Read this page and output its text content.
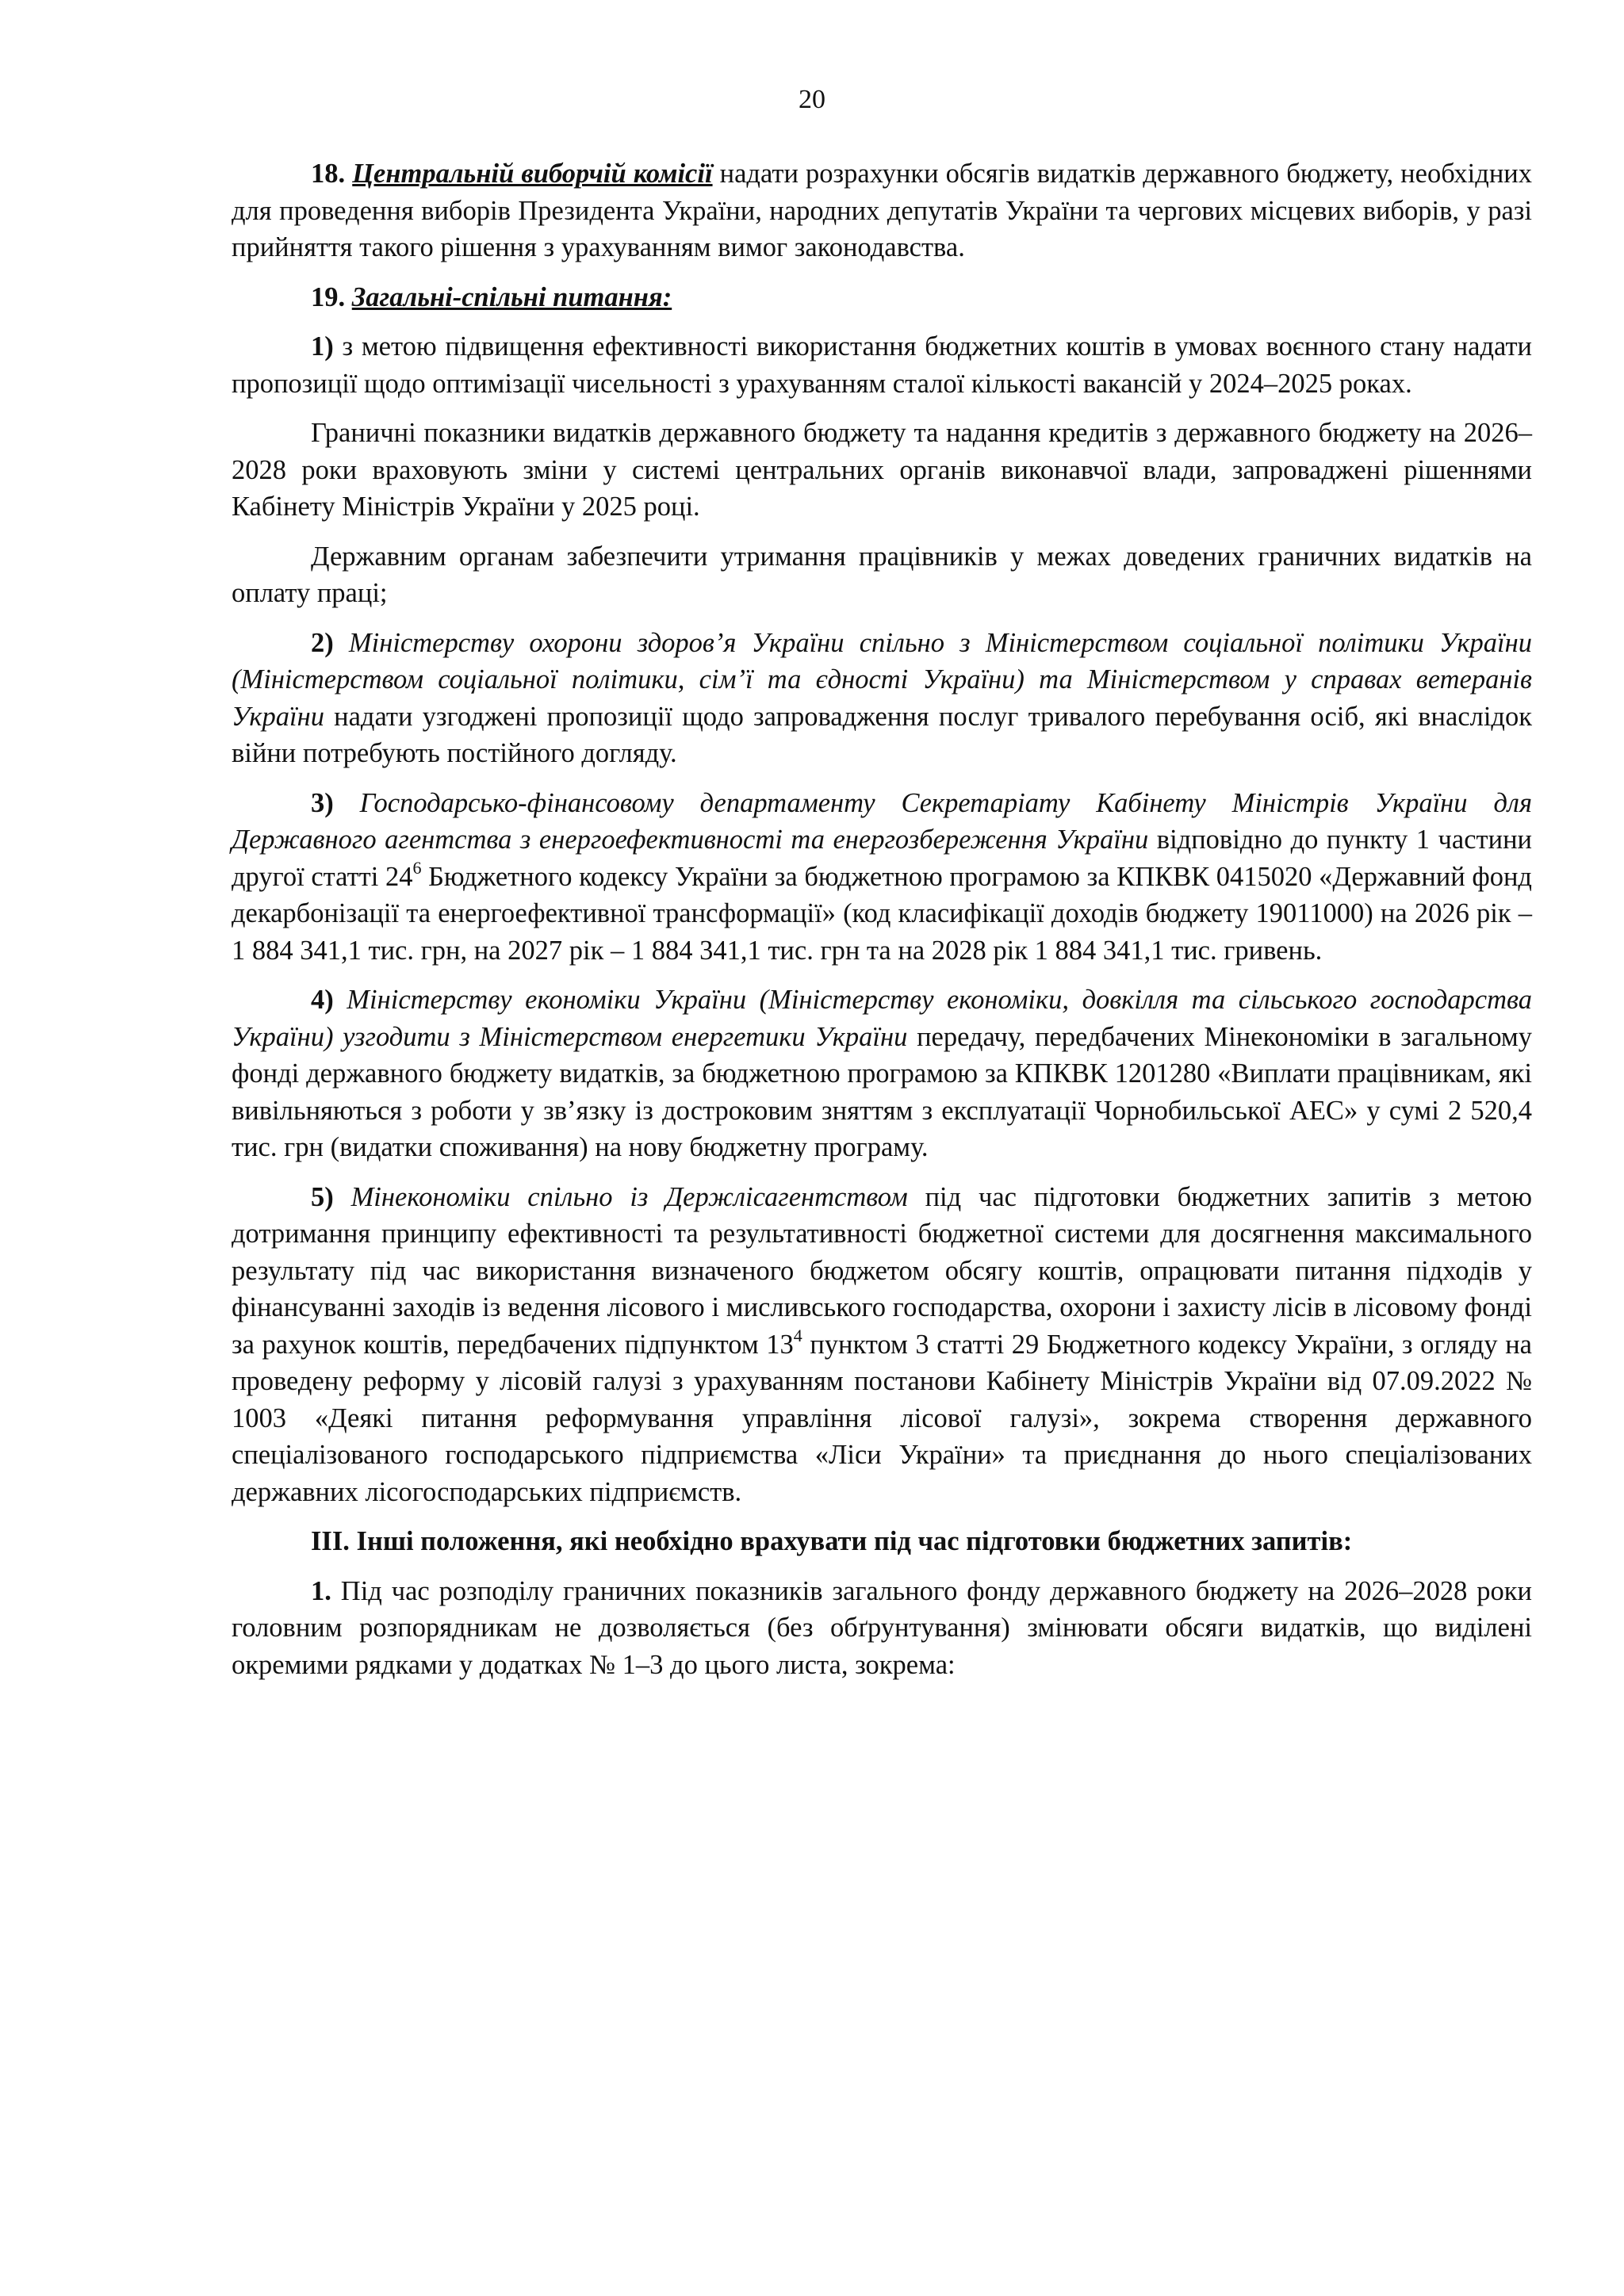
20

18. Центральній виборчій комісії надати розрахунки обсягів видатків державного бюджету, необхідних для проведення виборів Президента України, народних депутатів України та чергових місцевих виборів, у разі прийняття такого рішення з урахуванням вимог законодавства.

19. Загальні-спільні питання:

1) з метою підвищення ефективності використання бюджетних коштів в умовах воєнного стану надати пропозиції щодо оптимізації чисельності з урахуванням сталої кількості вакансій у 2024–2025 роках.

Граничні показники видатків державного бюджету та надання кредитів з державного бюджету на 2026–2028 роки враховують зміни у системі центральних органів виконавчої влади, запроваджені рішеннями Кабінету Міністрів України у 2025 році.

Державним органам забезпечити утримання працівників у межах доведених граничних видатків на оплату праці;

2) Міністерству охорони здоров’я України спільно з Міністерством соціальної політики України (Міністерством соціальної політики, сім’ї та єдності України) та Міністерством у справах ветеранів України надати узгоджені пропозиції щодо запровадження послуг тривалого перебування осіб, які внаслідок війни потребують постійного догляду.

3) Господарсько-фінансовому департаменту Секретаріату Кабінету Міністрів України для Державного агентства з енергоефективності та енергозбереження України відповідно до пункту 1 частини другої статті $24^6$ Бюджетного кодексу України за бюджетною програмою за КПКВК 0415020 «Державний фонд декарбонізації та енергоефективної трансформації» (код класифікації доходів бюджету 19011000) на 2026 рік – 1 884 341,1 тис. грн, на 2027 рік – 1 884 341,1 тис. грн та на 2028 рік 1 884 341,1 тис. гривень.

4) Міністерству економіки України (Міністерству економіки, довкілля та сільського господарства України) узгодити з Міністерством енергетики України передачу, передбачених Мінекономіки в загальному фонді державного бюджету видатків, за бюджетною програмою за КПКВК 1201280 «Виплати працівникам, які вивільняються з роботи у зв’язку із достроковим зняттям з експлуатації Чорнобильської АЕС» у сумі 2 520,4 тис. грн (видатки споживання) на нову бюджетну програму.

5) Мінекономіки спільно із Держлісагентством під час підготовки бюджетних запитів з метою дотримання принципу ефективності та результативності бюджетної системи для досягнення максимального результату під час використання визначеного бюджетом обсягу коштів, опрацювати питання підходів у фінансуванні заходів із ведення лісового і мисливського господарства, охорони і захисту лісів в лісовому фонді за рахунок коштів, передбачених підпунктом $13^4$ пунктом 3 статті 29 Бюджетного кодексу України, з огляду на проведену реформу у лісовій галузі з урахуванням постанови Кабінету Міністрів України від 07.09.2022 № 1003 «Деякі питання реформування управління лісової галузі», зокрема створення державного спеціалізованого господарського підприємства «Ліси України» та приєднання до нього спеціалізованих державних лісогосподарських підприємств.

ІІІ. Інші положення, які необхідно врахувати під час підготовки бюджетних запитів:

1. Під час розподілу граничних показників загального фонду державного бюджету на 2026–2028 роки головним розпорядникам не дозволяється (без обґрунтування) змінювати обсяги видатків, що виділені окремими рядками у додатках № 1–3 до цього листа, зокрема:
